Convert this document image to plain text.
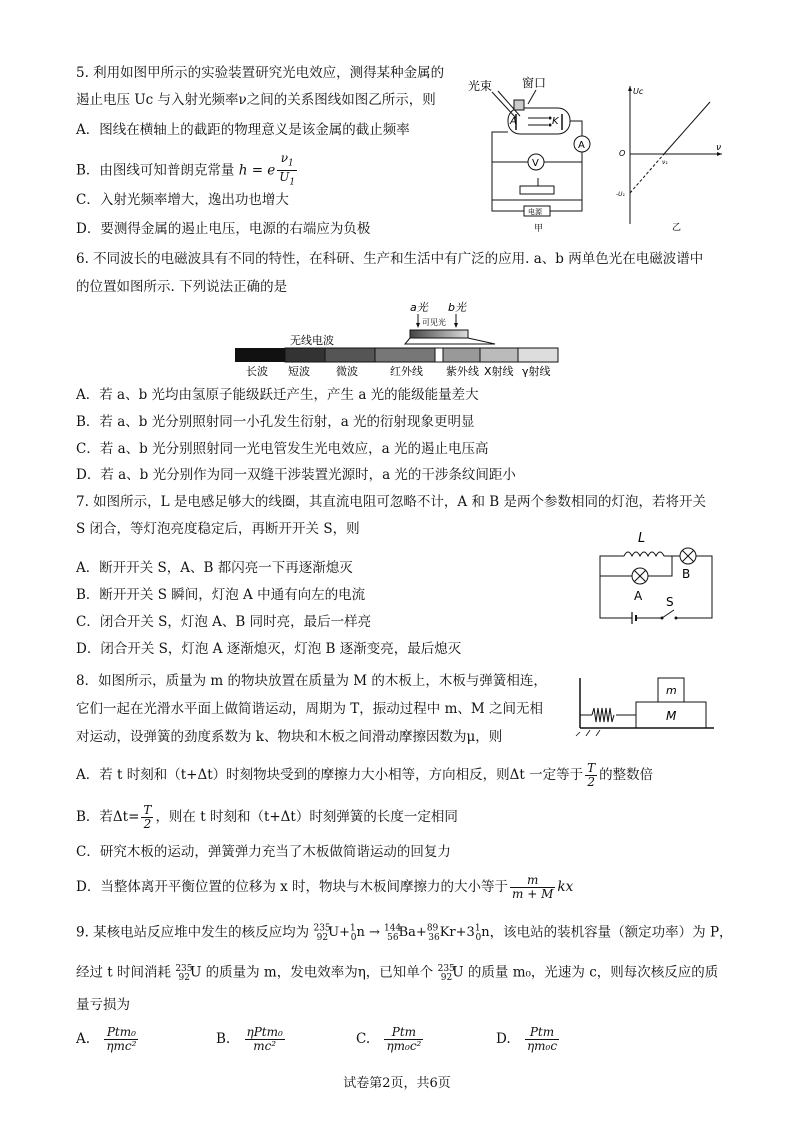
5. 利用如图甲所示的实验装置研究光电效应，测得某种金属的
遏止电压 Uc 与入射光频率ν之间的关系图线如图乙所示，则
A．图线在横轴上的截距的物理意义是该金属的截止频率
B．由图线可知普朗克常量 h = e $\frac{\nu_1}{U_1}$
C．入射光频率增大，逸出功也增大
D．要测得金属的遏止电压，电源的右端应为负极
光束 窗口
A	K
A
V
电源
甲
Uc
ν
O
ν₁
-U₁
乙
6. 不同波长的电磁波具有不同的特性，在科研、生产和生活中有广泛的应用. a、b 两单色光在电磁波谱中
的位置如图所示. 下列说法正确的是
a光 b光
可见光
无线电波
长波 短波 微波	红外线 紫外线 X射线 γ射线
A．若 a、b 光均由氢原子能级跃迁产生，产生 a 光的能级能量差大
B．若 a、b 光分别照射同一小孔发生衍射，a 光的衍射现象更明显
C．若 a、b 光分别照射同一光电管发生光电效应，a 光的遏止电压高
D．若 a、b 光分别作为同一双缝干涉装置光源时，a 光的干涉条纹间距小
7. 如图所示，L 是电感足够大的线圈，其直流电阻可忽略不计，A 和 B 是两个参数相同的灯泡，若将开关
S 闭合，等灯泡亮度稳定后，再断开开关 S，则
A．断开开关 S，A、B 都闪亮一下再逐渐熄灭
B．断开开关 S 瞬间，灯泡 A 中通有向左的电流
C．闭合开关 S，灯泡 A、B 同时亮，最后一样亮
D．闭合开关 S，灯泡 A 逐渐熄灭，灯泡 B 逐渐变亮，最后熄灭
L
B
A S
8．如图所示，质量为 m 的物块放置在质量为 M 的木板上，木板与弹簧相连，
它们一起在光滑水平面上做简谐运动，周期为 T，振动过程中 m、M 之间无相
对运动，设弹簧的劲度系数为 k、物块和木板之间滑动摩擦因数为μ，则
A．若 t 时刻和（t+Δt）时刻物块受到的摩擦力大小相等，方向相反，则Δt 一定等于 $\frac{T}{2}$ 的整数倍
B．若$\Delta t= \frac{T}{2}$ ，则在 t 时刻和（t+Δt）时刻弹簧的长度一定相同
C．研究木板的运动，弹簧弹力充当了木板做简谐运动的回复力
D．当整体离开平衡位置的位移为 x 时，物块与木板间摩擦力的大小等于 $\frac{m}{m + M}$ kx
M
m
9. 某核电站反应堆中发生的核反应均为 $^{235}_{92}U+^1_0n \to ^{144}_{56}Ba+^{89}_{36}Kr+3^1_0n$，该电站的装机容量（额定功率）为 P，
经过 t 时间消耗 $^{235}_{92}$U 的质量为 m，发电效率为η，已知单个 $^{235}_{92}$U 的质量 m₀，光速为 c，则每次核反应的质
量亏损为
A. $\frac{\text{Ptm₀}}{\text{ηmc²}}$	B. $\frac{\text{ηPtm₀}}{\text{mc²}}$	C. $\frac{\text{Ptm}}{\text{ηm₀c²}}$	D. $\frac{\text{Ptm}}{\text{ηm₀c}}$
试卷第2页，共6页
